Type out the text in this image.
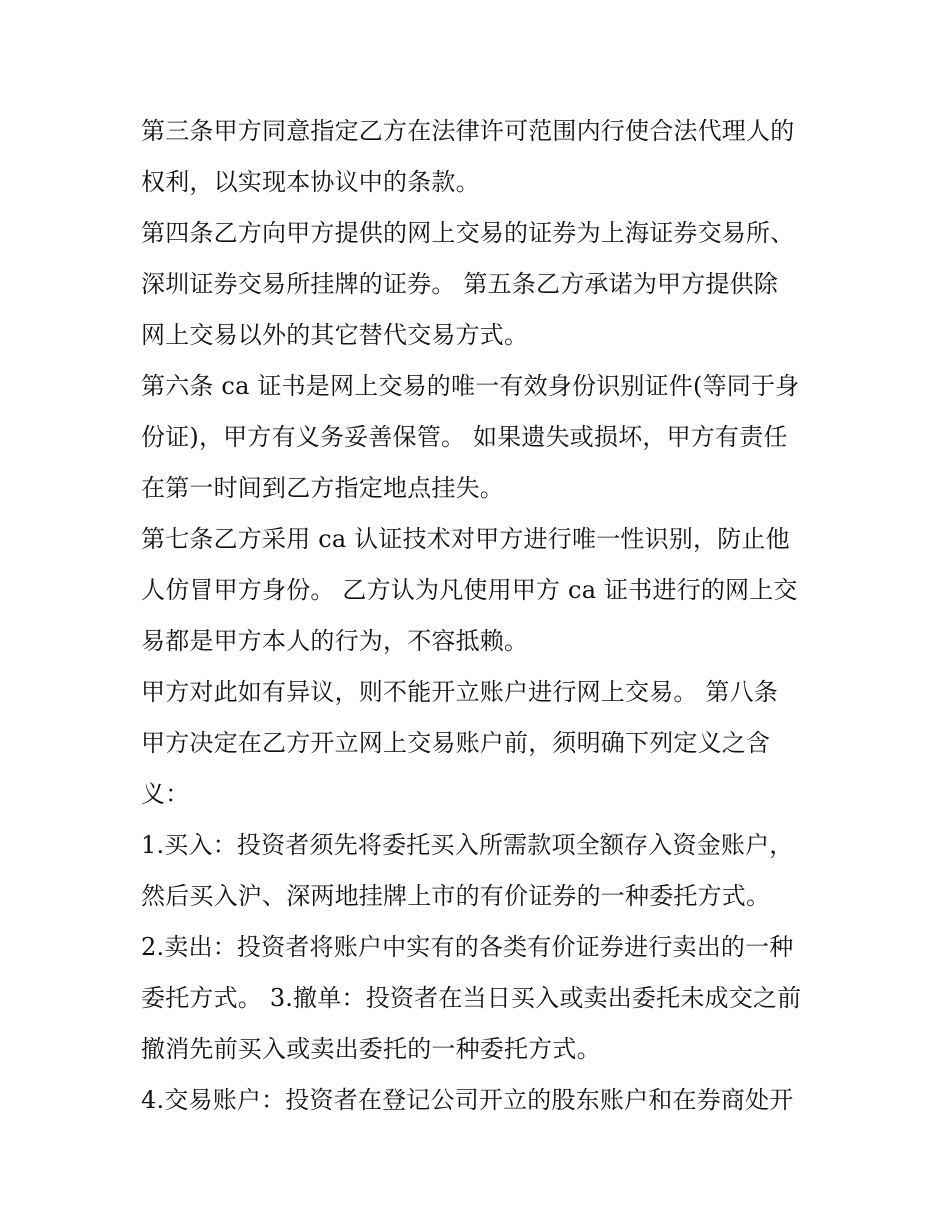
第三条甲方同意指定乙方在法律许可范围内行使合法代理人的
权利，以实现本协议中的条款。
第四条乙方向甲方提供的网上交易的证券为上海证券交易所、
深圳证券交易所挂牌的证券。 第五条乙方承诺为甲方提供除
网上交易以外的其它替代交易方式。
第六条 ca 证书是网上交易的唯一有效身份识别证件(等同于身
份证)，甲方有义务妥善保管。 如果遗失或损坏，甲方有责任
在第一时间到乙方指定地点挂失。
第七条乙方采用 ca 认证技术对甲方进行唯一性识别，防止他
人仿冒甲方身份。 乙方认为凡使用甲方 ca 证书进行的网上交
易都是甲方本人的行为，不容抵赖。
甲方对此如有异议，则不能开立账户进行网上交易。 第八条
甲方决定在乙方开立网上交易账户前，须明确下列定义之含
义：
1.买入：投资者须先将委托买入所需款项全额存入资金账户，
然后买入沪、深两地挂牌上市的有价证券的一种委托方式。
2.卖出：投资者将账户中实有的各类有价证券进行卖出的一种
委托方式。 3.撤单：投资者在当日买入或卖出委托未成交之前
撤消先前买入或卖出委托的一种委托方式。
4.交易账户：投资者在登记公司开立的股东账户和在券商处开
